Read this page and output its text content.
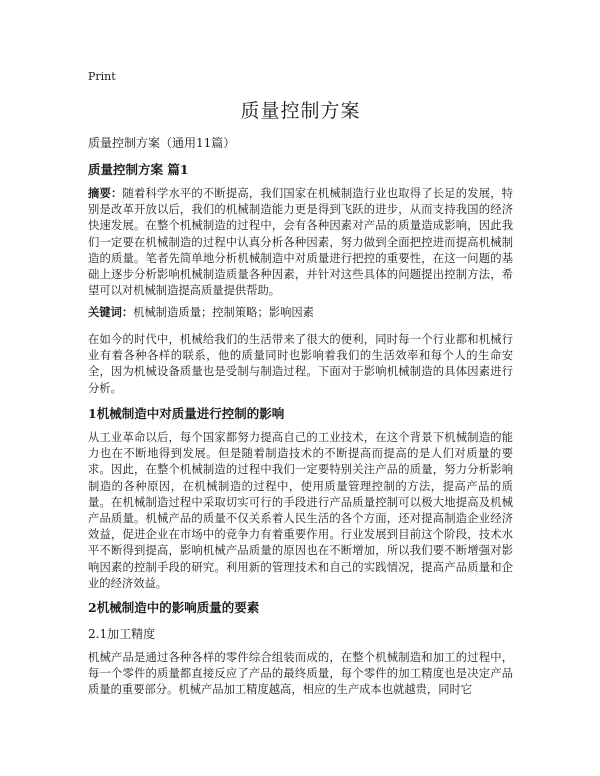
Print
质量控制方案
质量控制方案（通用11篇）

质量控制方案 篇1

摘要：随着科学水平的不断提高，我们国家在机械制造行业也取得了长足的发展，特别是改革开放以后，我们的机械制造能力更是得到飞跃的进步，从而支持我国的经济快速发展。在整个机械制造的过程中，会有各种因素对产品的质量造成影响，因此我们一定要在机械制造的过程中认真分析各种因素，努力做到全面把控进而提高机械制造的质量。笔者先简单地分析机械制造中对质量进行把控的重要性，在这一问题的基础上逐步分析影响机械制造质量各种因素，并针对这些具体的问题提出控制方法，希望可以对机械制造提高质量提供帮助。

关键词：机械制造质量；控制策略；影响因素

在如今的时代中，机械给我们的生活带来了很大的便利，同时每一个行业都和机械行业有着各种各样的联系，他的质量同时也影响着我们的生活效率和每个人的生命安全，因为机械设备质量也是受制与制造过程。下面对于影响机械制造的具体因素进行分析。

1机械制造中对质量进行控制的影响

从工业革命以后，每个国家都努力提高自己的工业技术，在这个背景下机械制造的能力也在不断地得到发展。但是随着制造技术的不断提高而提高的是人们对质量的要求。因此，在整个机械制造的过程中我们一定要特别关注产品的质量，努力分析影响制造的各种原因，在机械制造的过程中，使用质量管理控制的方法，提高产品的质量。在机械制造过程中采取切实可行的手段进行产品质量控制可以极大地提高及机械产品质量。机械产品的质量不仅关系着人民生活的各个方面，还对提高制造企业经济效益，促进企业在市场中的竞争力有着重要作用。行业发展到目前这个阶段，技术水平不断得到提高，影响机械产品质量的原因也在不断增加，所以我们要不断增强对影响因素的控制手段的研究。利用新的管理技术和自己的实践情况，提高产品质量和企业的经济效益。

2机械制造中的影响质量的要素

2.1加工精度

机械产品是通过各种各样的零件综合组装而成的，在整个机械制造和加工的过程中，每一个零件的质量都直接反应了产品的最终质量，每个零件的加工精度也是决定产品质量的重要部分。机械产品加工精度越高，相应的生产成本也就越贵，同时它
